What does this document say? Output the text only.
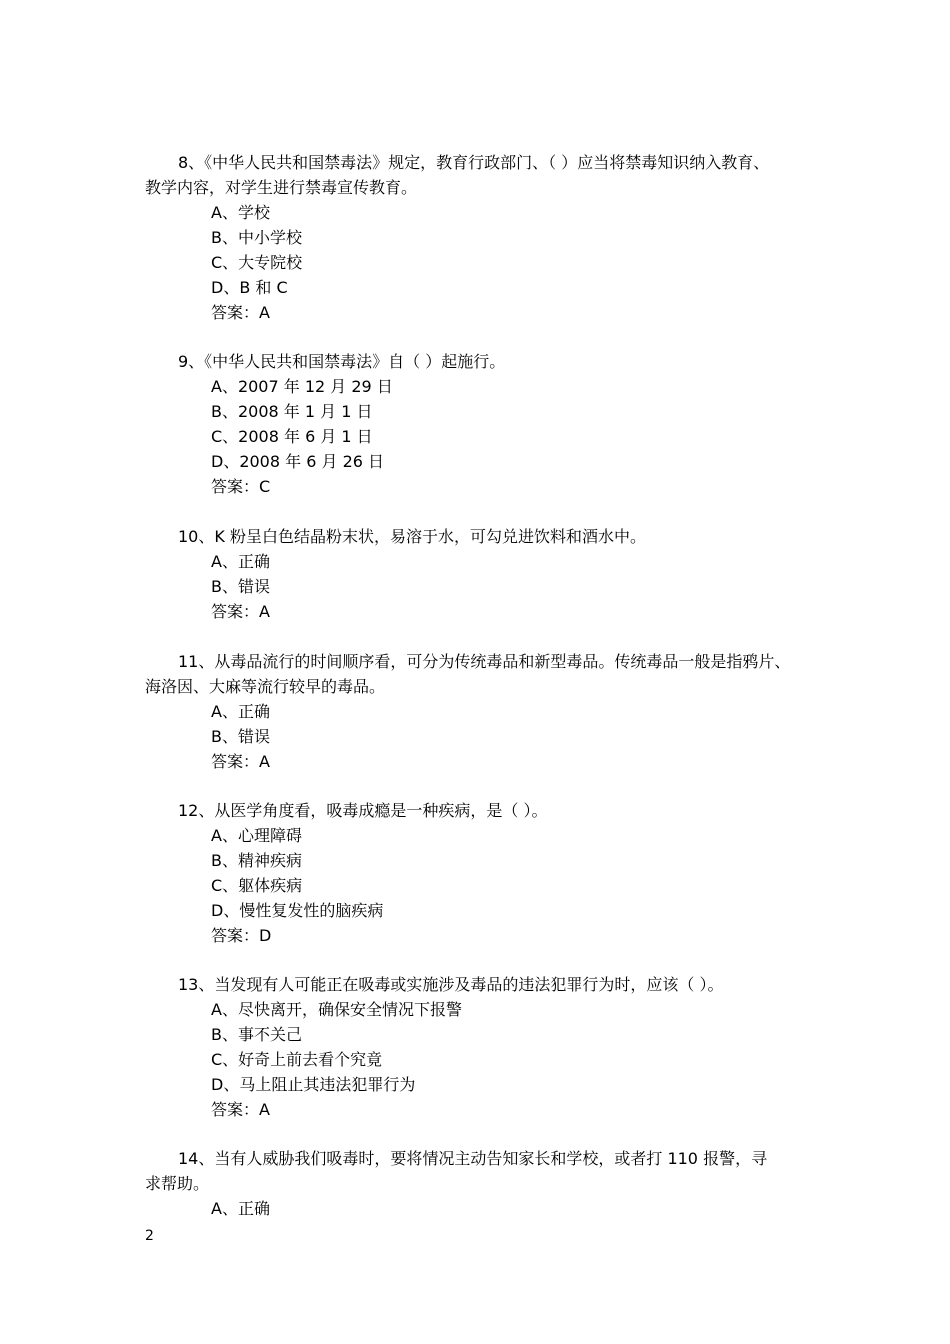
8、《中华人民共和国禁毒法》规定，教育行政部门、（ ）应当将禁毒知识纳入教育、
教学内容，对学生进行禁毒宣传教育。
A、学校
B、中小学校
C、大专院校
D、B 和 C
答案：A
9、《中华人民共和国禁毒法》自（ ）起施行。
A、2007 年 12 月 29 日
B、2008 年 1 月 1 日
C、2008 年 6 月 1 日
D、2008 年 6 月 26 日
答案：C
10、K 粉呈白色结晶粉末状，易溶于水，可勾兑进饮料和酒水中。
A、正确
B、错误
答案：A
11、从毒品流行的时间顺序看，可分为传统毒品和新型毒品。传统毒品一般是指鸦片、
海洛因、大麻等流行较早的毒品。
A、正确
B、错误
答案：A
12、从医学角度看，吸毒成瘾是一种疾病，是（ ）。
A、心理障碍
B、精神疾病
C、躯体疾病
D、慢性复发性的脑疾病
答案：D
13、当发现有人可能正在吸毒或实施涉及毒品的违法犯罪行为时，应该（ ）。
A、尽快离开，确保安全情况下报警
B、事不关己
C、好奇上前去看个究竟
D、马上阻止其违法犯罪行为
答案：A
14、当有人威胁我们吸毒时，要将情况主动告知家长和学校，或者打 110 报警，寻
求帮助。
A、正确
2
